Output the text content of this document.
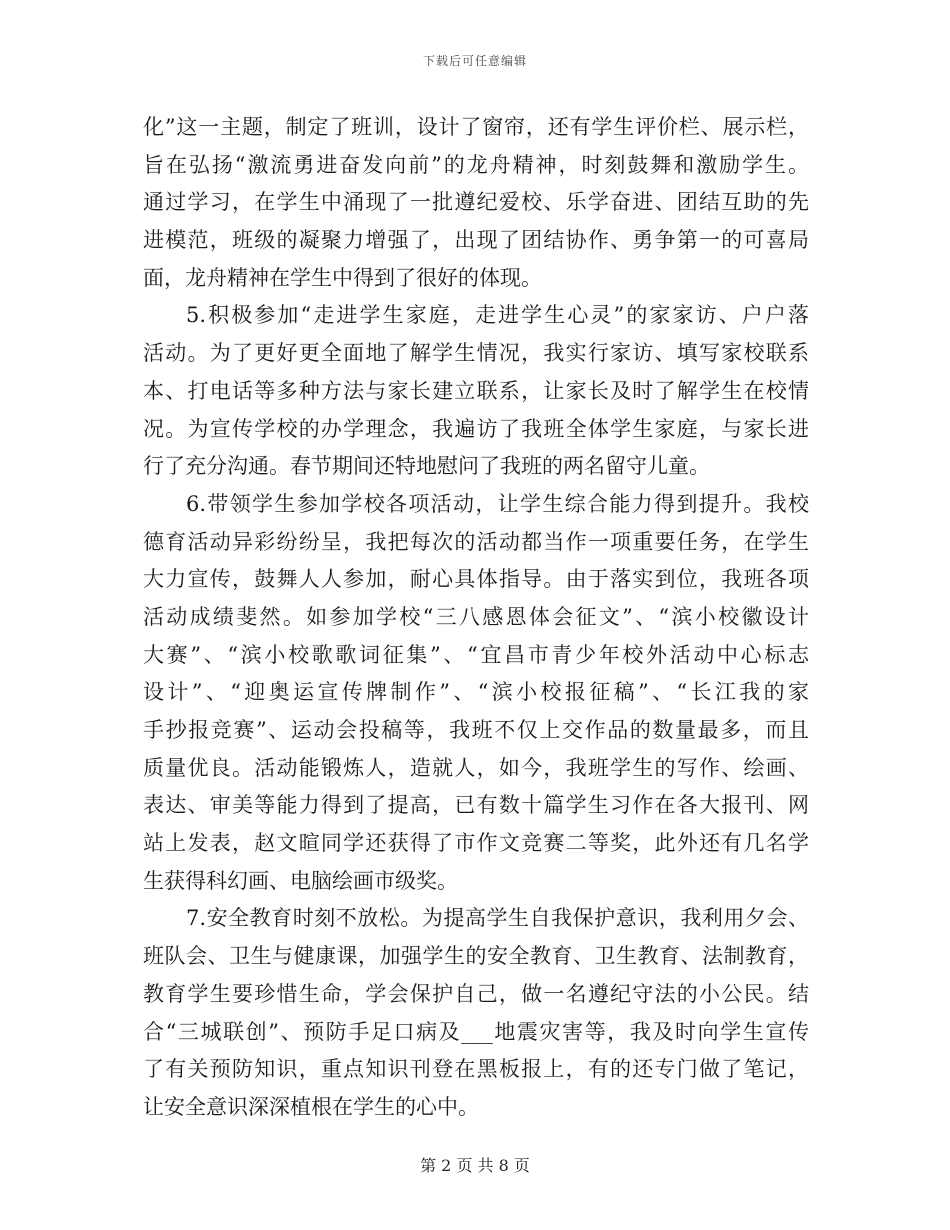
下载后可任意编辑
化”这一主题，制定了班训，设计了窗帘，还有学生评价栏、展示栏，
旨在弘扬“激流勇进奋发向前”的龙舟精神，时刻鼓舞和激励学生。
通过学习，在学生中涌现了一批遵纪爱校、乐学奋进、团结互助的先
进模范，班级的凝聚力增强了，出现了团结协作、勇争第一的可喜局
面，龙舟精神在学生中得到了很好的体现。
5.积极参加“走进学生家庭，走进学生心灵”的家家访、户户落
活动。为了更好更全面地了解学生情况，我实行家访、填写家校联系
本、打电话等多种方法与家长建立联系，让家长及时了解学生在校情
况。为宣传学校的办学理念，我遍访了我班全体学生家庭，与家长进
行了充分沟通。春节期间还特地慰问了我班的两名留守儿童。
6.带领学生参加学校各项活动，让学生综合能力得到提升。我校
德育活动异彩纷纷呈，我把每次的活动都当作一项重要任务，在学生
大力宣传，鼓舞人人参加，耐心具体指导。由于落实到位，我班各项
活动成绩斐然。如参加学校“三八感恩体会征文”、“滨小校徽设计
大赛”、“滨小校歌歌词征集”、“宜昌市青少年校外活动中心标志
设计”、“迎奥运宣传牌制作”、“滨小校报征稿”、“长江我的家
手抄报竞赛”、运动会投稿等，我班不仅上交作品的数量最多，而且
质量优良。活动能锻炼人，造就人，如今，我班学生的写作、绘画、
表达、审美等能力得到了提高，已有数十篇学生习作在各大报刊、网
站上发表，赵文暄同学还获得了市作文竞赛二等奖，此外还有几名学
生获得科幻画、电脑绘画市级奖。
7.安全教育时刻不放松。为提高学生自我保护意识，我利用夕会、
班队会、卫生与健康课，加强学生的安全教育、卫生教育、法制教育，
教育学生要珍惜生命，学会保护自己，做一名遵纪守法的小公民。结
合“三城联创”、预防手足口病及___地震灾害等，我及时向学生宣传
了有关预防知识，重点知识刊登在黑板报上，有的还专门做了笔记，
让安全意识深深植根在学生的心中。
第 2 页 共 8 页
